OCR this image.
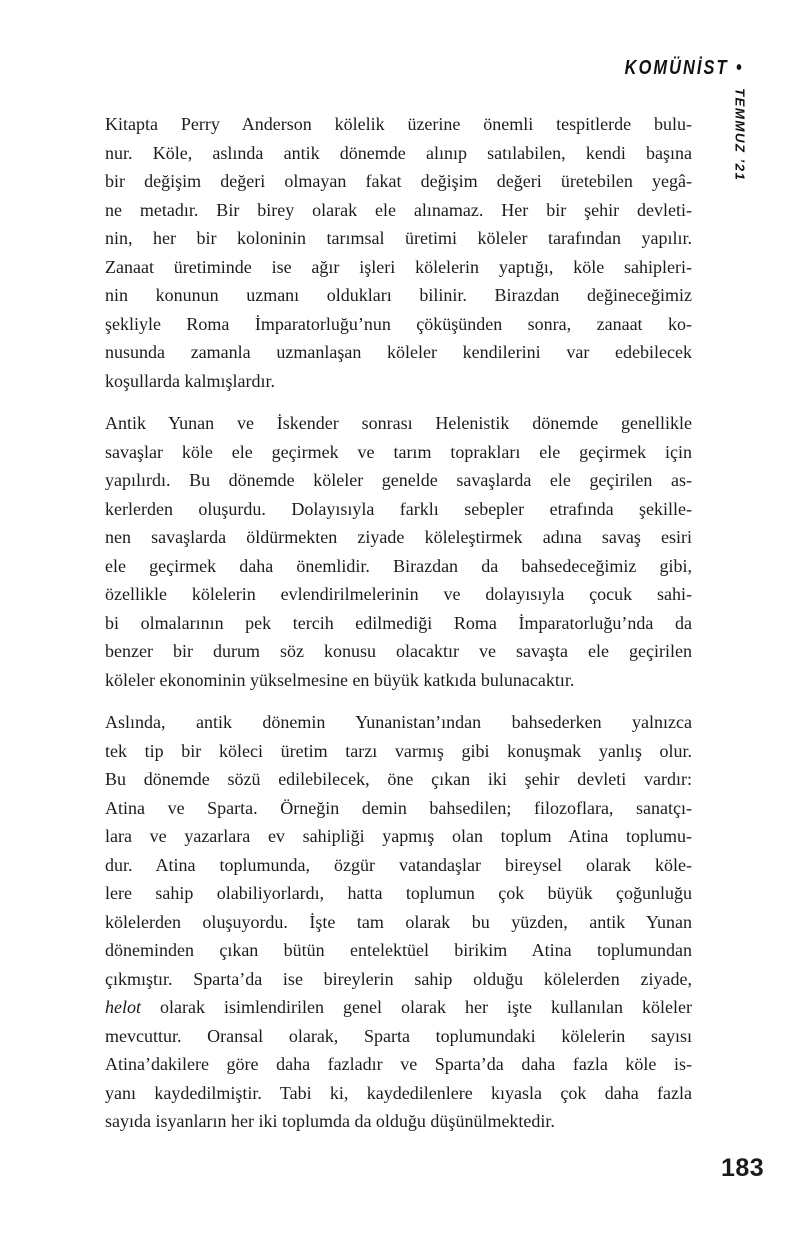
KOMÜNİST •
TEMMUZ ’21
Kitapta Perry Anderson kölelik üzerine önemli tespitlerde bulu-
nur. Köle, aslında antik dönemde alınıp satılabilen, kendi başına
bir değişim değeri olmayan fakat değişim değeri üretebilen yegâ-
ne metadır. Bir birey olarak ele alınamaz. Her bir şehir devleti-
nin, her bir koloninin tarımsal üretimi köleler tarafından yapılır.
Zanaat üretiminde ise ağır işleri kölelerin yaptığı, köle sahipleri-
nin konunun uzmanı oldukları bilinir. Birazdan değineceğimiz
şekliyle Roma İmparatorluğu’nun çöküşünden sonra, zanaat ko-
nusunda zamanla uzmanlaşan köleler kendilerini var edebilecek
koşullarda kalmışlardır.
Antik Yunan ve İskender sonrası Helenistik dönemde genellikle
savaşlar köle ele geçirmek ve tarım toprakları ele geçirmek için
yapılırdı. Bu dönemde köleler genelde savaşlarda ele geçirilen as-
kerlerden oluşurdu. Dolayısıyla farklı sebepler etrafında şekille-
nen savaşlarda öldürmekten ziyade köleleştirmek adına savaş esiri
ele geçirmek daha önemlidir. Birazdan da bahsedeceğimiz gibi,
özellikle kölelerin evlendirilmelerinin ve dolayısıyla çocuk sahi-
bi olmalarının pek tercih edilmediği Roma İmparatorluğu’nda da
benzer bir durum söz konusu olacaktır ve savaşta ele geçirilen
köleler ekonominin yükselmesine en büyük katkıda bulunacaktır.
Aslında, antik dönemin Yunanistan’ından bahsederken yalnızca
tek tip bir köleci üretim tarzı varmış gibi konuşmak yanlış olur.
Bu dönemde sözü edilebilecek, öne çıkan iki şehir devleti vardır:
Atina ve Sparta. Örneğin demin bahsedilen; filozoflara, sanatçı-
lara ve yazarlara ev sahipliği yapmış olan toplum Atina toplumu-
dur. Atina toplumunda, özgür vatandaşlar bireysel olarak köle-
lere sahip olabiliyorlardı, hatta toplumun çok büyük çoğunluğu
kölelerden oluşuyordu. İşte tam olarak bu yüzden, antik Yunan
döneminden çıkan bütün entelektüel birikim Atina toplumundan
çıkmıştır. Sparta’da ise bireylerin sahip olduğu kölelerden ziyade,
helot olarak isimlendirilen genel olarak her işte kullanılan köleler
mevcuttur. Oransal olarak, Sparta toplumundaki kölelerin sayısı
Atina’dakilere göre daha fazladır ve Sparta’da daha fazla köle is-
yanı kaydedilmiştir. Tabi ki, kaydedilenlere kıyasla çok daha fazla
sayıda isyanların her iki toplumda da olduğu düşünülmektedir.
183
